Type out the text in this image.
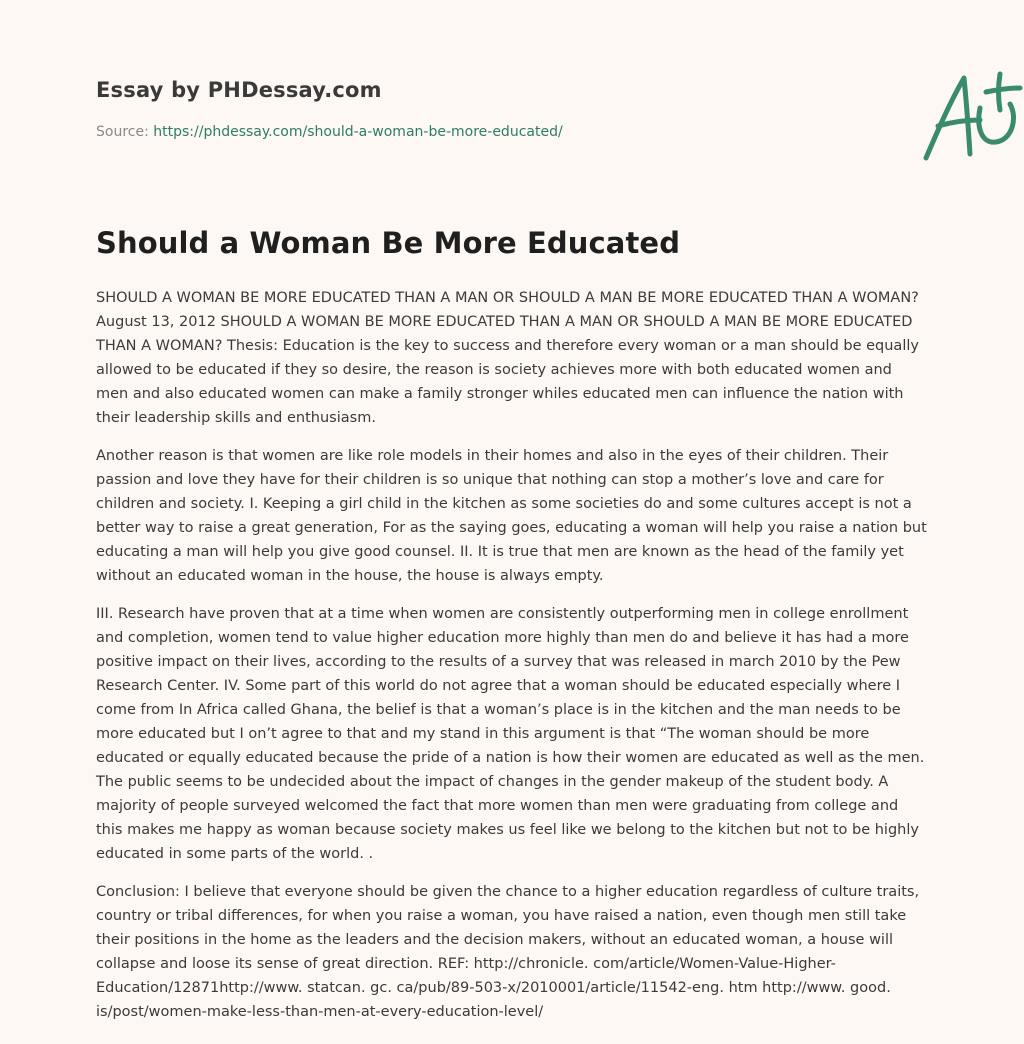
Essay by PHDessay.com
Source: https://phdessay.com/should-a-woman-be-more-educated/
Should a Woman Be More Educated

SHOULD A WOMAN BE MORE EDUCATED THAN A MAN OR SHOULD A MAN BE MORE EDUCATED THAN A WOMAN? August 13, 2012 SHOULD A WOMAN BE MORE EDUCATED THAN A MAN OR SHOULD A MAN BE MORE EDUCATED THAN A WOMAN? Thesis: Education is the key to success and therefore every woman or a man should be equally allowed to be educated if they so desire, the reason is society achieves more with both educated women and men and also educated women can make a family stronger whiles educated men can influence the nation with their leadership skills and enthusiasm.

Another reason is that women are like role models in their homes and also in the eyes of their children. Their passion and love they have for their children is so unique that nothing can stop a mother’s love and care for children and society. I. Keeping a girl child in the kitchen as some societies do and some cultures accept is not a better way to raise a great generation, For as the saying goes, educating a woman will help you raise a nation but educating a man will help you give good counsel. II. It is true that men are known as the head of the family yet without an educated woman in the house, the house is always empty.

III. Research have proven that at a time when women are consistently outperforming men in college enrollment and completion, women tend to value higher education more highly than men do and believe it has had a more positive impact on their lives, according to the results of a survey that was released in march 2010 by the Pew Research Center. IV. Some part of this world do not agree that a woman should be educated especially where I come from In Africa called Ghana, the belief is that a woman’s place is in the kitchen and the man needs to be more educated but I on’t agree to that and my stand in this argument is that “The woman should be more educated or equally educated because the pride of a nation is how their women are educated as well as the men. The public seems to be undecided about the impact of changes in the gender makeup of the student body. A majority of people surveyed welcomed the fact that more women than men were graduating from college and this makes me happy as woman because society makes us feel like we belong to the kitchen but not to be highly educated in some parts of the world. .

Conclusion: I believe that everyone should be given the chance to a higher education regardless of culture traits, country or tribal differences, for when you raise a woman, you have raised a nation, even though men still take their positions in the home as the leaders and the decision makers, without an educated woman, a house will collapse and loose its sense of great direction. REF: http://chronicle. com/article/Women-Value-Higher-Education/12871http://www. statcan. gc. ca/pub/89-503-x/2010001/article/11542-eng. htm http://www. good. is/post/women-make-less-than-men-at-every-education-level/
